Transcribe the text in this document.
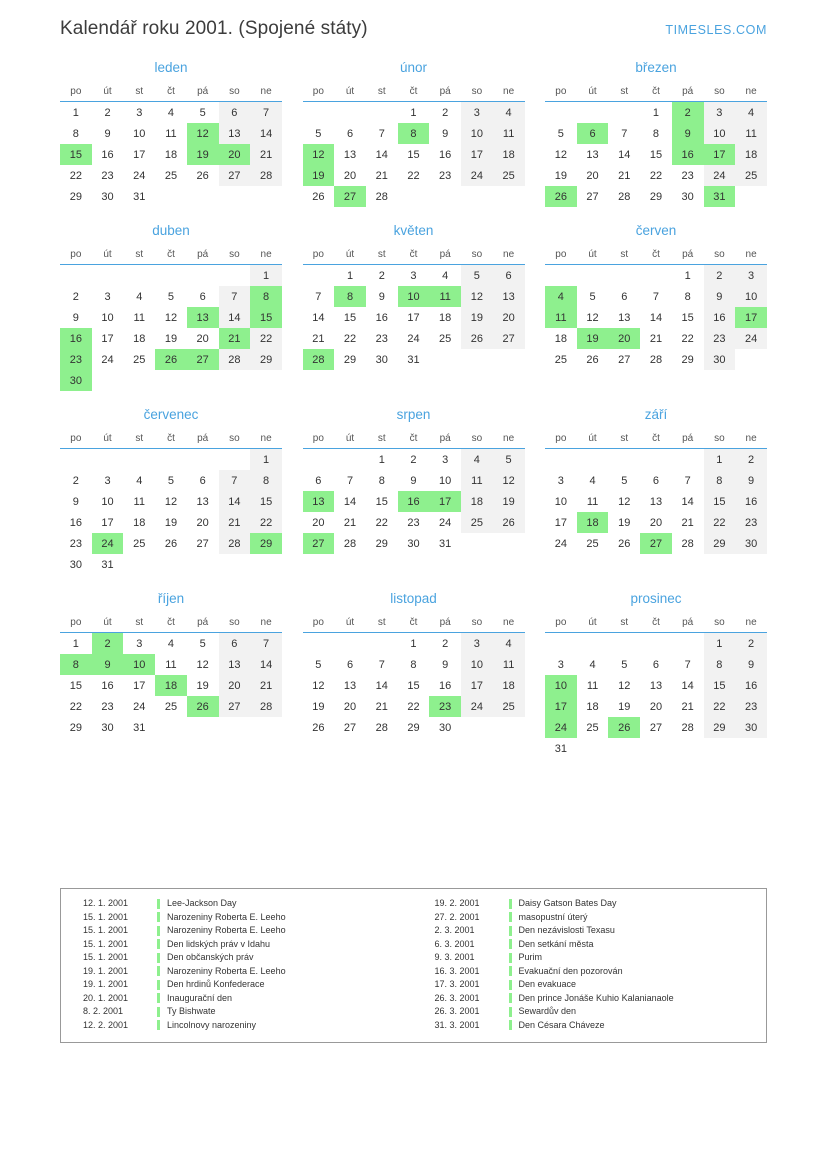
Kalendář roku 2001. (Spojené státy)	TIMESLES.COM
leden
po	út	st	čt	pá	so	ne
1	2	3	4	5	6	7
8	9	10	11	12	13	14
15	16	17	18	19	20	21
22	23	24	25	26	27	28
29	30	31				
únor
po	út	st	čt	pá	so	ne
			1	2	3	4
5	6	7	8	9	10	11
12	13	14	15	16	17	18
19	20	21	22	23	24	25
26	27	28				
březen
po	út	st	čt	pá	so	ne
			1	2	3	4
5	6	7	8	9	10	11
12	13	14	15	16	17	18
19	20	21	22	23	24	25
26	27	28	29	30	31	
duben
po	út	st	čt	pá	so	ne
						1
2	3	4	5	6	7	8
9	10	11	12	13	14	15
16	17	18	19	20	21	22
23	24	25	26	27	28	29
30						
květen
po	út	st	čt	pá	so	ne
	1	2	3	4	5	6
7	8	9	10	11	12	13
14	15	16	17	18	19	20
21	22	23	24	25	26	27
28	29	30	31			
červen
po	út	st	čt	pá	so	ne
				1	2	3
4	5	6	7	8	9	10
11	12	13	14	15	16	17
18	19	20	21	22	23	24
25	26	27	28	29	30	
červenec
po	út	st	čt	pá	so	ne
						1
2	3	4	5	6	7	8
9	10	11	12	13	14	15
16	17	18	19	20	21	22
23	24	25	26	27	28	29
30	31					
srpen
po	út	st	čt	pá	so	ne
		1	2	3	4	5
6	7	8	9	10	11	12
13	14	15	16	17	18	19
20	21	22	23	24	25	26
27	28	29	30	31		
září
po	út	st	čt	pá	so	ne
					1	2
3	4	5	6	7	8	9
10	11	12	13	14	15	16
17	18	19	20	21	22	23
24	25	26	27	28	29	30
říjen
po	út	st	čt	pá	so	ne
1	2	3	4	5	6	7
8	9	10	11	12	13	14
15	16	17	18	19	20	21
22	23	24	25	26	27	28
29	30	31				
listopad
po	út	st	čt	pá	so	ne
			1	2	3	4
5	6	7	8	9	10	11
12	13	14	15	16	17	18
19	20	21	22	23	24	25
26	27	28	29	30		
prosinec
po	út	st	čt	pá	so	ne
					1	2
3	4	5	6	7	8	9
10	11	12	13	14	15	16
17	18	19	20	21	22	23
24	25	26	27	28	29	30
31						
12. 1. 2001	Lee-Jackson Day
15. 1. 2001	Narozeniny Roberta E. Leeho
15. 1. 2001	Narozeniny Roberta E. Leeho
15. 1. 2001	Den lidských práv v Idahu
15. 1. 2001	Den občanských práv
19. 1. 2001	Narozeniny Roberta E. Leeho
19. 1. 2001	Den hrdinů Konfederace
20. 1. 2001	Inaugurační den
8. 2. 2001	Ty Bishwate
12. 2. 2001	Lincolnovy narozeniny
19. 2. 2001	Daisy Gatson Bates Day
27. 2. 2001	masopustní úterý
2. 3. 2001	Den nezávislosti Texasu
6. 3. 2001	Den setkání města
9. 3. 2001	Purim
16. 3. 2001	Evakuační den pozorován
17. 3. 2001	Den evakuace
26. 3. 2001	Den prince Jonáše Kuhio Kalanianaole
26. 3. 2001	Sewardův den
31. 3. 2001	Den Césara Cháveze
